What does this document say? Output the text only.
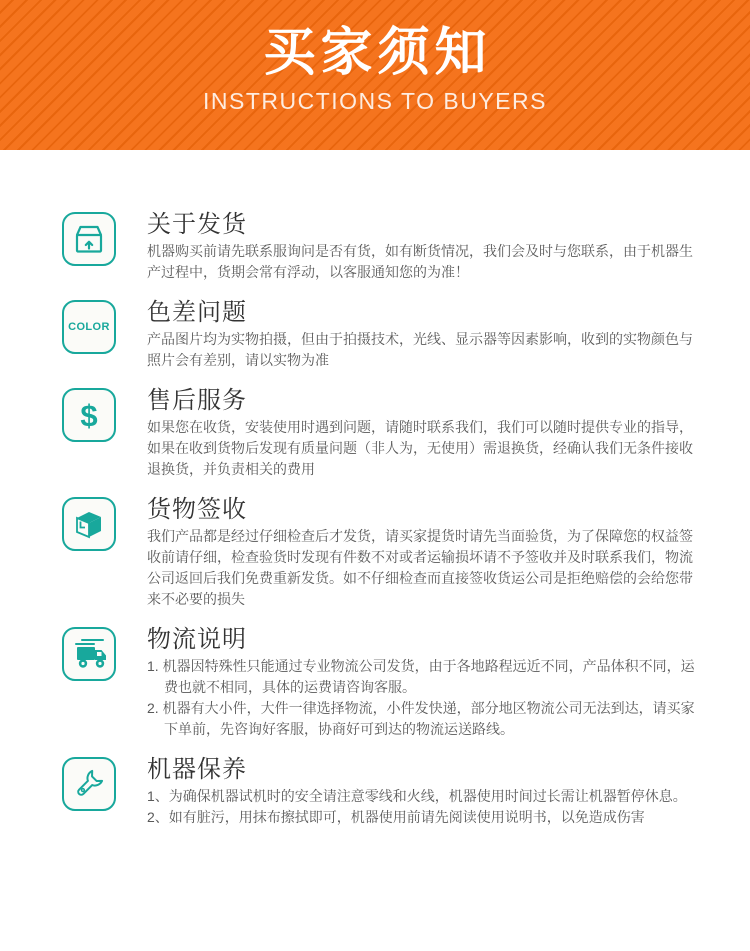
买家须知
INSTRUCTIONS TO BUYERS
关于发货

机器购买前请先联系服询问是否有货，如有断货情况，我们会及时与您联系，由于机器生产过程中，货期会常有浮动，以客服通知您的为准！

COLOR
色差问题

产品图片均为实物拍摄，但由于拍摄技术，光线、显示器等因素影响，收到的实物颜色与照片会有差别，请以实物为准

$ 售后服务

如果您在收货，安装使用时遇到问题，请随时联系我们，我们可以随时提供专业的指导，如果在收到货物后发现有质量问题（非人为，无使用）需退换货，经确认我们无条件接收退换货，并负责相关的费用

货物签收

我们产品都是经过仔细检查后才发货，请买家提货时请先当面验货，为了保障您的权益签收前请仔细，检查验货时发现有件数不对或者运输损坏请不予签收并及时联系我们，物流公司返回后我们免费重新发货。如不仔细检查而直接签收货运公司是拒绝赔偿的会给您带来不必要的损失

物流说明

1. 机器因特殊性只能通过专业物流公司发货，由于各地路程远近不同，产品体积不同，运费也就不相同，具体的运费请咨询客服。

2. 机器有大小件，大件一律选择物流，小件发快递，部分地区物流公司无法到达，请买家下单前，先咨询好客服，协商好可到达的物流运送路线。

机器保养

1、为确保机器试机时的安全请注意零线和火线，机器使用时间过长需让机器暂停休息。

2、如有脏污，用抹布擦拭即可，机器使用前请先阅读使用说明书，以免造成伤害
